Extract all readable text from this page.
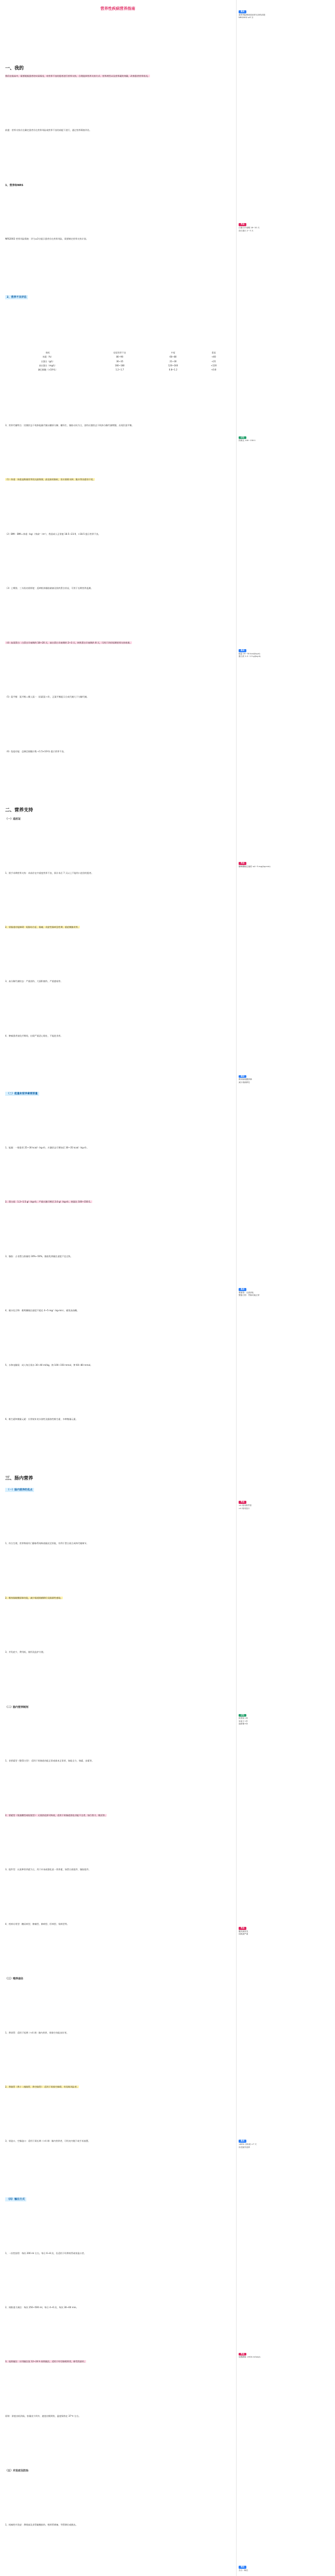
营养性疾病营养指南
一、我的
我们在临床中，需要根据患者的实际情况，对营养不良的患者进行营养支持，合理选择营养支持方式、营养剂型以及营养素的剂量，改善患者营养状况。
前提：营养支持应在确定患者存在营养风险或营养不良的前提下进行，通过营养筛查评估。
1、营养和NRS
NRS2002 营养风险筛查：评分≥3分提示患者存在营养风险，需要制定营养支持计划。
2、营养不良评估
指标	轻度营养不良	中度	重度
体重（%）	80~90	60~80	<60
白蛋白（g/L）	30~35	21~30	<21
前白蛋白（mg/L）	160~180	120~160	<120
淋巴细胞（×10⁹/L）	1.2~1.7	0.8~1.2	<0.8
3、营养代谢特点：饥饿状态下机体能量代谢以糖原分解、糖异生、脂肪动员为主，创伤应激状态下机体分解代谢增强，出现负氮平衡。
（1）体重：体重是衡量营养状况最简便、最直接的指标，但应排除水肿、腹水等因素的干扰。
（2）BMI：BMI＝体重（kg）/身高²（m²），我国成人正常值 18.5~23.9，<18.5 提示营养不良。
（3）上臂围、三头肌皮褶厚度：反映机体脂肪储备及肌肉蛋白状况，可用于长期营养监测。
（4）血清蛋白：白蛋白半衰期约 18~20 天，前白蛋白半衰期约 2~3 天，转铁蛋白半衰期约 8 天，可用于评价短期营养支持效果。
（5）氮平衡：氮平衡＝摄入氮－（尿素氮＋4），正氮平衡提示合成代谢大于分解代谢。
（6）免疫功能：总淋巴细胞计数 <1.5×10⁹/L 提示营养不良。
二、营养支持
（一）适应证
1、围手术期营养支持：术前存在中重度营养不良，预计术后 7 天以上不能经口进食的患者。
2、胃肠道功能障碍：短肠综合征、肠瘘、炎症性肠病急性期、重症胰腺炎等。
3、高分解代谢状态：严重创伤、大面积烧伤、严重感染等。
4、肿瘤患者放化疗期间，出现严重恶心呕吐、不能进食者。
（二）能量和营养素需要量
1、能量：一般患者 25~30 kcal/（kg·d），应激状态可增加至 30~35 kcal/（kg·d）。
2、蛋白质：1.2~1.5 g/（kg·d），严重应激可增至 2.0 g/（kg·d）。热氮比 100~150:1。
3、脂肪：占非蛋白热量的 30%~50%，脂肪乳剂输注速度不宜过快。
4、碳水化合物：葡萄糖输注速度不超过 4~5 mg/（kg·min），避免高血糖。
5、水和电解质：成人每日需水 30~40 ml/kg，钠 100~150 mmol，钾 60~80 mmol。
6、维生素和微量元素：应常规补充水溶性及脂溶性维生素、多种微量元素。
三、肠内营养
（一）肠内营养的优点
1、符合生理，营养物质经门静脉系统吸收输送至肝脏，有利于蛋白质合成和代谢调节。
2、维持肠黏膜屏障功能，减少肠道细菌移位及肠源性感染。
3、并发症少，费用低，使用及监护方便。
（二）肠内营养制剂
1、非要素型（整蛋白型）：适用于胃肠道功能正常或基本正常者，如能全力、瑞素、安素等。
2、要素型（氨基酸型或短肽型）：无需消化即可吸收，适用于胃肠道消化功能不全者，如百普力、维沃等。
3、组件型：以某种营养素为主，用于补充或强化某一营养素，如蛋白质组件、脂肪组件。
4、疾病专用型：糖尿病型、肿瘤型、肺病型、肝病型、肾病型等。
（三）喂养途径
1、鼻胃管：适用于短期（<4 周）肠内营养、胃排空功能良好者。
2、鼻肠管（鼻十二指肠管、鼻空肠管）：适用于胃排空障碍、有误吸风险者。
3、胃造口、空肠造口：适用于需长期（>4 周）肠内营养者，可经皮内镜下或手术放置。
（四）输注方式
1、一次性投给：每次 200 ml 左右，每日 6~8 次，仅适用于经鼻胃管或胃造口者。
2、间歇重力滴注：每次 250~500 ml，每日 4~6 次，每次 30~60 min。
3、连续输注：应用输注泵 12~24 h 持续输注，适用于经空肠喂养者，耐受性最好。
原则：浓度由低到高，容量由少到多，速度由慢到快，温度保持在 37℃ 左右。
（五）并发症及防治
1、机械性并发症：鼻咽部及食管黏膜损伤、喂养管堵塞、导管移位或脱出。
重点
营养风险筛查是营养支持的前提
NRS2002 ≥3 分
考点
白蛋白半衰期 18~20 天
前白蛋白 2~3 天
记忆
热氮比 100~150:1
重点
能量 25~30 kcal/(kg·d)
蛋白质 1.2~1.5 g/(kg·d)
考点
葡萄糖输注速度 ≤4~5 mg/(kg·min)
笔记
维持肠黏膜屏障
减少细菌移位
重点
要素型：无需消化
整蛋白型：胃肠功能正常
考点
<4 周用鼻胃管
>4 周用造口
记忆
浓度低→高
容量少→多
速度慢→快
考点
腹泻最常见
误吸最严重
重点
<60% 目标量 >7 天
补充肠外营养
考点
周围静脉 <900 mOsm/L
笔记
全合一输注
